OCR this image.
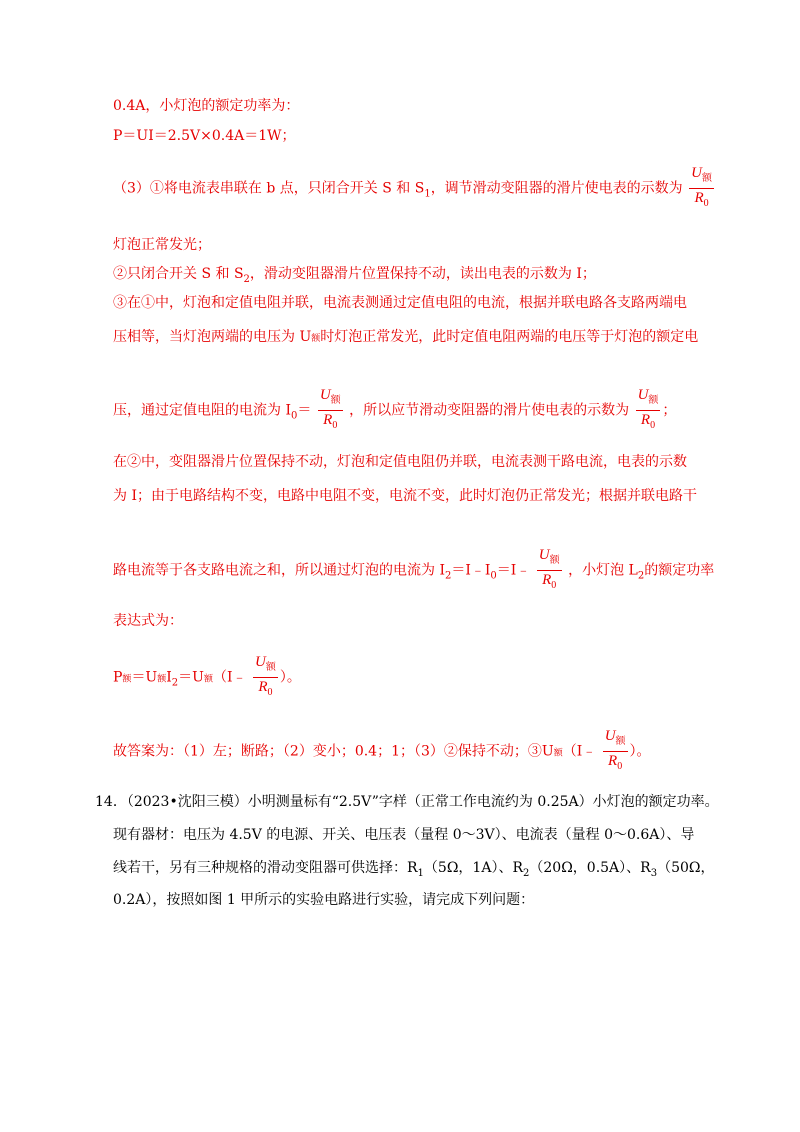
0.4A，小灯泡的额定功率为：
P＝UI＝2.5V×0.4A＝1W；
（3）①将电流表串联在 b 点，只闭合开关 S 和 $S_1$，调节滑动变阻器的滑片使电表的示数为 $\frac{U_额}{R_0}$
灯泡正常发光；
②只闭合开关 S 和 $S_2$，滑动变阻器滑片位置保持不动，读出电表的示数为 I；
③在①中，灯泡和定值电阻并联，电流表测通过定值电阻的电流，根据并联电路各支路两端电
压相等，当灯泡两端的电压为 U额时灯泡正常发光，此时定值电阻两端的电压等于灯泡的额定电
压，通过定值电阻的电流为 $I_0= \frac{U_额}{R_0}$ ，所以应节滑动变阻器的滑片使电表的示数为 $\frac{U_额}{R_0}$ ；
在②中，变阻器滑片位置保持不动，灯泡和定值电阻仍并联，电流表测干路电流，电表的示数
为 I；由于电路结构不变，电路中电阻不变，电流不变，此时灯泡仍正常发光；根据并联电路干
路电流等于各支路电流之和，所以通过灯泡的电流为 $I_2=I﹣I_0=I﹣ \frac{U_额}{R_0}$ ，小灯泡 $L_2$的额定功率
表达式为：
P额＝U额$I_2=U$额（I﹣ $\frac{U_额}{R_0}$ ）。
故答案为：（1）左；断路；（2）变小；0.4；1；（3）②保持不动；③U额（I﹣ $\frac{U_额}{R_0}$ ）。
14．（2023•沈阳三模）小明测量标有“2.5V”字样（正常工作电流约为 0.25A）小灯泡的额定功率。
现有器材：电压为 4.5V 的电源、开关、电压表（量程 0～3V）、电流表（量程 0～0.6A）、导
线若干，另有三种规格的滑动变阻器可供选择：$R_1(5\Omega$，1A）、$R_2(20\Omega$，0.5A）、$R_3(50\Omega$，
0.2A），按照如图 1 甲所示的实验电路进行实验，请完成下列问题：
